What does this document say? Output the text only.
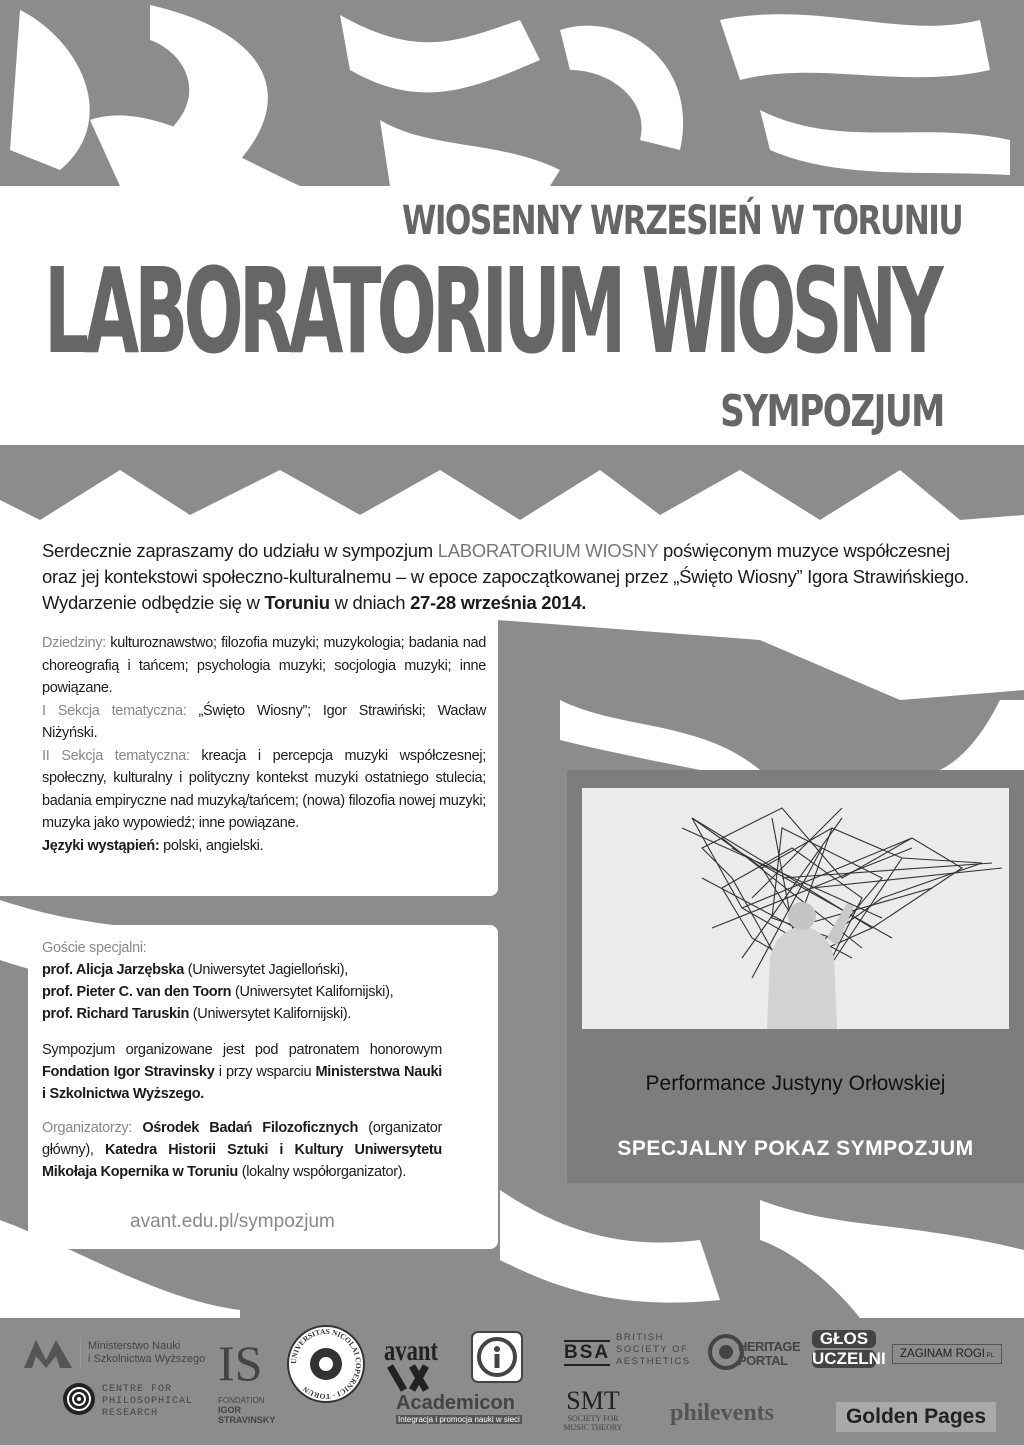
WIOSENNY WRZESIEŃ W TORUNIU
LABORATORIUM WIOSNY
SYMPOZJUM
Serdecznie zapraszamy do udziału w sympozjum LABORATORIUM WIOSNY poświęconym muzyce współczesnej oraz jej kontekstowi społeczno-kulturalnemu – w epoce zapoczątkowanej przez „Święto Wiosny” Igora Strawińskiego. Wydarzenie odbędzie się w Toruniu w dniach 27-28 września 2014.
Dziedziny: kulturoznawstwo; filozofia muzyki; muzykologia; badania nad choreografią i tańcem; psychologia muzyki; socjologia muzyki; inne powiązane.
I Sekcja tematyczna: „Święto Wiosny”; Igor Strawiński; Wacław Niżyński.
II Sekcja tematyczna: kreacja i percepcja muzyki współczesnej; społeczny, kulturalny i polityczny kontekst muzyki ostatniego stulecia; badania empiryczne nad muzyką/tańcem; (nowa) filozofia nowej muzyki; muzyka jako wypowiedź; inne powiązane.
Języki wystąpień: polski, angielski.
Goście specjalni:
prof. Alicja Jarzębska (Uniwersytet Jagielloński),
prof. Pieter C. van den Toorn (Uniwersytet Kalifornijski),
prof. Richard Taruskin (Uniwersytet Kalifornijski).
Sympozjum organizowane jest pod patronatem honorowym Fondation Igor Stravinsky i przy wsparciu Ministerstwa Nauki i Szkolnictwa Wyższego.
Organizatorzy: Ośrodek Badań Filozoficznych (organizator główny), Katedra Historii Sztuki i Kultury Uniwersytetu Mikołaja Kopernika w Toruniu (lokalny współorganizator).
avant.edu.pl/sympozjum
Performance Justyny Orłowskiej
SPECJALNY POKAZ SYMPOZJUM
Ministerstwo Nauki
i Szkolnictwa Wyższego
CENTRE FOR
PHILOSOPHICAL
RESEARCH
IS
FONDATION
IGOR STRAVINSKY
UNIVERSITAS NICOLAI COPERNICI · TORUN
avant
Academicon
Integracja i promocja nauki w sieci
BSA
BRITISH
SOCIETY OF
AESTHETICS
SMT
SOCIETY FOR
MUSIC THEORY
HERITAGE
PORTAL
philevents
GŁOS
UCZELNI	ZAGINAM ROGI.PL
Golden Pages
